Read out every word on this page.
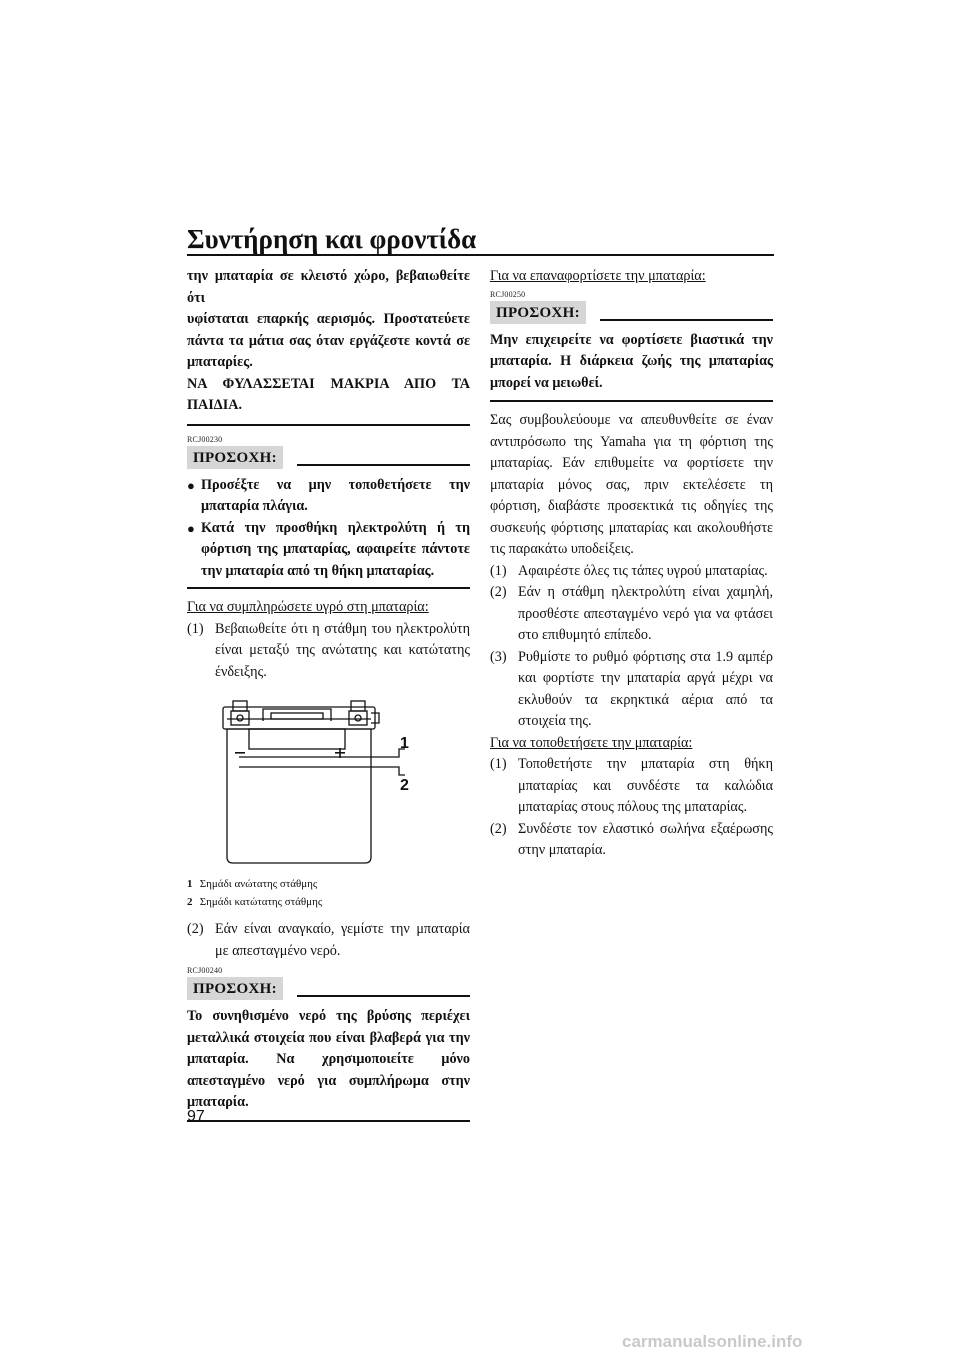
Συντήρηση και φροντίδα
την μπαταρία σε κλειστό χώρο, βεβαιωθείτε ότι
υφίσταται επαρκής αερισμός. Προστατεύετε
πάντα τα μάτια σας όταν εργάζεστε κοντά σε
μπαταρίες.
ΝΑ ΦΥΛΑΣΣΕΤΑΙ ΜΑΚΡΙΑ ΑΠΟ ΤΑ
ΠΑΙΔΙΑ.

RCJ00230

ΠΡΟΣΟΧΗ:
● Προσέξτε να μην τοποθετήσετε την μπαταρία πλάγια.
● Κατά την προσθήκη ηλεκτρολύτη ή τη φόρτιση της μπαταρίας, αφαιρείτε πάντοτε την μπαταρία από τη θήκη μπαταρίας.

Για να συμπληρώσετε υγρό στη μπαταρία:

(1) Βεβαιωθείτε ότι η στάθμη του ηλεκτρολύτη είναι μεταξύ της ανώτατης και κατώτατης ένδειξης.
1
2
1 Σημάδι ανώτατης στάθμης
2 Σημάδι κατώτατης στάθμης
(2) Εάν είναι αναγκαίο, γεμίστε την μπαταρία με απεσταγμένο νερό.

RCJ00240

ΠΡΟΣΟΧΗ:

Το συνηθισμένο νερό της βρύσης περιέχει μεταλλικά στοιχεία που είναι βλαβερά για την μπαταρία. Να χρησιμοποιείτε μόνο απεσταγμένο νερό για συμπλήρωμα στην μπαταρία.

Για να επαναφορτίσετε την μπαταρία:

RCJ00250

ΠΡΟΣΟΧΗ:

Μην επιχειρείτε να φορτίσετε βιαστικά την μπαταρία. Η διάρκεια ζωής της μπαταρίας μπορεί να μειωθεί.

Σας συμβουλεύουμε να απευθυνθείτε σε έναν αντιπρόσωπο της Yamaha για τη φόρτιση της μπαταρίας. Εάν επιθυμείτε να φορτίσετε την μπαταρία μόνος σας, πριν εκτελέσετε τη φόρτιση, διαβάστε προσεκτικά τις οδηγίες της συσκευής φόρτισης μπαταρίας και ακολουθήστε τις παρακάτω υποδείξεις.

(1) Αφαιρέστε όλες τις τάπες υγρού μπαταρίας.
(2) Εάν η στάθμη ηλεκτρολύτη είναι χαμηλή, προσθέστε απεσταγμένο νερό για να φτάσει στο επιθυμητό επίπεδο.
(3) Ρυθμίστε το ρυθμό φόρτισης στα 1.9 αμπέρ και φορτίστε την μπαταρία αργά μέχρι να εκλυθούν τα εκρηκτικά αέρια από τα στοιχεία της.

Για να τοποθετήσετε την μπαταρία:

(1) Τοποθετήστε την μπαταρία στη θήκη μπαταρίας και συνδέστε τα καλώδια μπαταρίας στους πόλους της μπαταρίας.
(2) Συνδέστε τον ελαστικό σωλήνα εξαέρωσης στην μπαταρία.
97
carmanualsonline.info
